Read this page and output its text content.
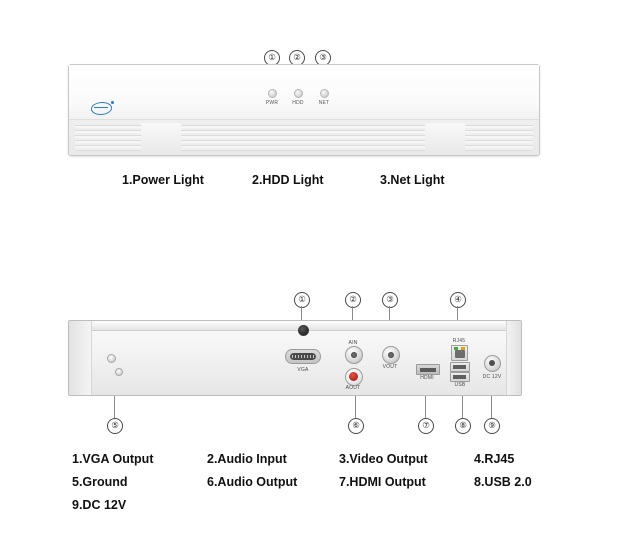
①	②	③
PWR	HDD	NET
1.Power Light	2.HDD Light	3.Net Light
①	②	③	④
⑤	⑥	⑦	⑧	⑨
VGA
AIN
AOUT
VOUT
HDMI
RJ45
USB
DC 12V
1.VGA Output	2.Audio Input	3.Video Output	4.RJ45
5.Ground	6.Audio Output	7.HDMI Output	8.USB 2.0
9.DC 12V
